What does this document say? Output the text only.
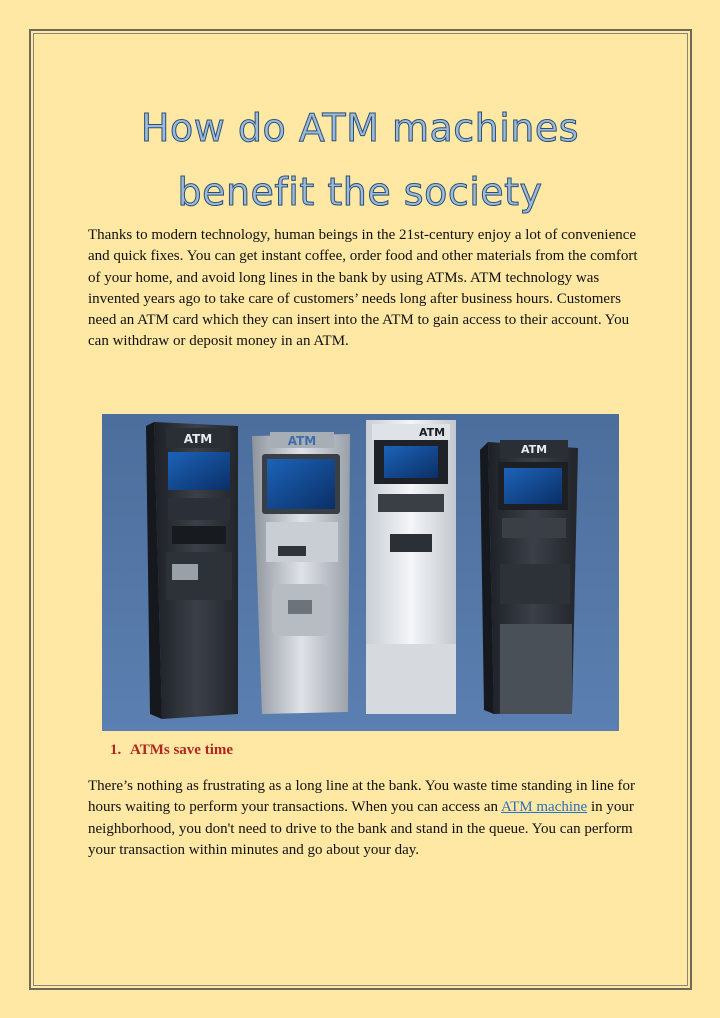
How do ATM machines
benefit the society

Thanks to modern technology, human beings in the 21st-century enjoy a lot of convenience and quick fixes. You can get instant coffee, order food and other materials from the comfort of your home, and avoid long lines in the bank by using ATMs. ATM technology was invented years ago to take care of customers’ needs long after business hours. Customers need an ATM card which they can insert into the ATM to gain access to their account. You can withdraw or deposit money in an ATM.

ATM	ATM
ATM
ATM

1. ATMs save time

There’s nothing as frustrating as a long line at the bank. You waste time standing in line for hours waiting to perform your transactions. When you can access an ATM machine in your neighborhood, you don't need to drive to the bank and stand in the queue. You can perform your transaction within minutes and go about your day.
